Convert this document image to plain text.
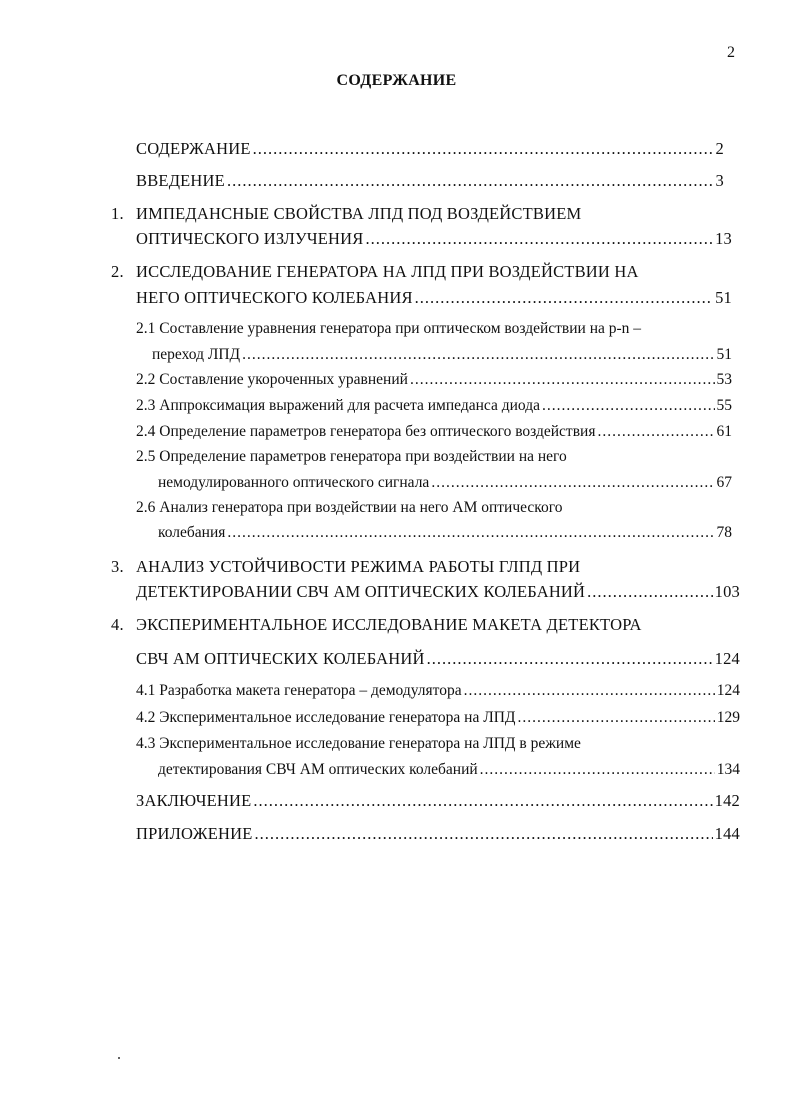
2
СОДЕРЖАНИЕ
СОДЕРЖАНИЕ .....	2
ВВЕДЕНИЕ .....	3
1. ИМПЕДАНСНЫЕ СВОЙСТВА ЛПД ПОД ВОЗДЕЙСТВИЕМ
ОПТИЧЕСКОГО ИЗЛУЧЕНИЯ .....	13
2. ИССЛЕДОВАНИЕ ГЕНЕРАТОРА НА ЛПД ПРИ ВОЗДЕЙСТВИИ НА
НЕГО ОПТИЧЕСКОГО КОЛЕБАНИЯ .....	51
2.1 Составление уравнения генератора при оптическом воздействии на p-n –
переход ЛПД .....	51
2.2 Составление укороченных уравнений .....	53
2.3 Аппроксимация выражений для расчета импеданса диода .....	55
2.4 Определение параметров генератора без оптического воздействия .....	61
2.5 Определение параметров генератора при воздействии на него
немодулированного оптического сигнала .....	67
2.6 Анализ генератора при воздействии на него АМ оптического
колебания .....	78
3. АНАЛИЗ УСТОЙЧИВОСТИ РЕЖИМА РАБОТЫ ГЛПД ПРИ
ДЕТЕКТИРОВАНИИ СВЧ АМ ОПТИЧЕСКИХ КОЛЕБАНИЙ .....	103
4. ЭКСПЕРИМЕНТАЛЬНОЕ ИССЛЕДОВАНИЕ МАКЕТА ДЕТЕКТОРА
СВЧ АМ ОПТИЧЕСКИХ КОЛЕБАНИЙ .....	124
4.1 Разработка макета генератора – демодулятора .....	124
4.2 Экспериментальное исследование генератора на ЛПД .....	129
4.3 Экспериментальное исследование генератора на ЛПД в режиме
детектирования СВЧ АМ оптических колебаний .....	134
ЗАКЛЮЧЕНИЕ .....	142
ПРИЛОЖЕНИЕ .....	144
